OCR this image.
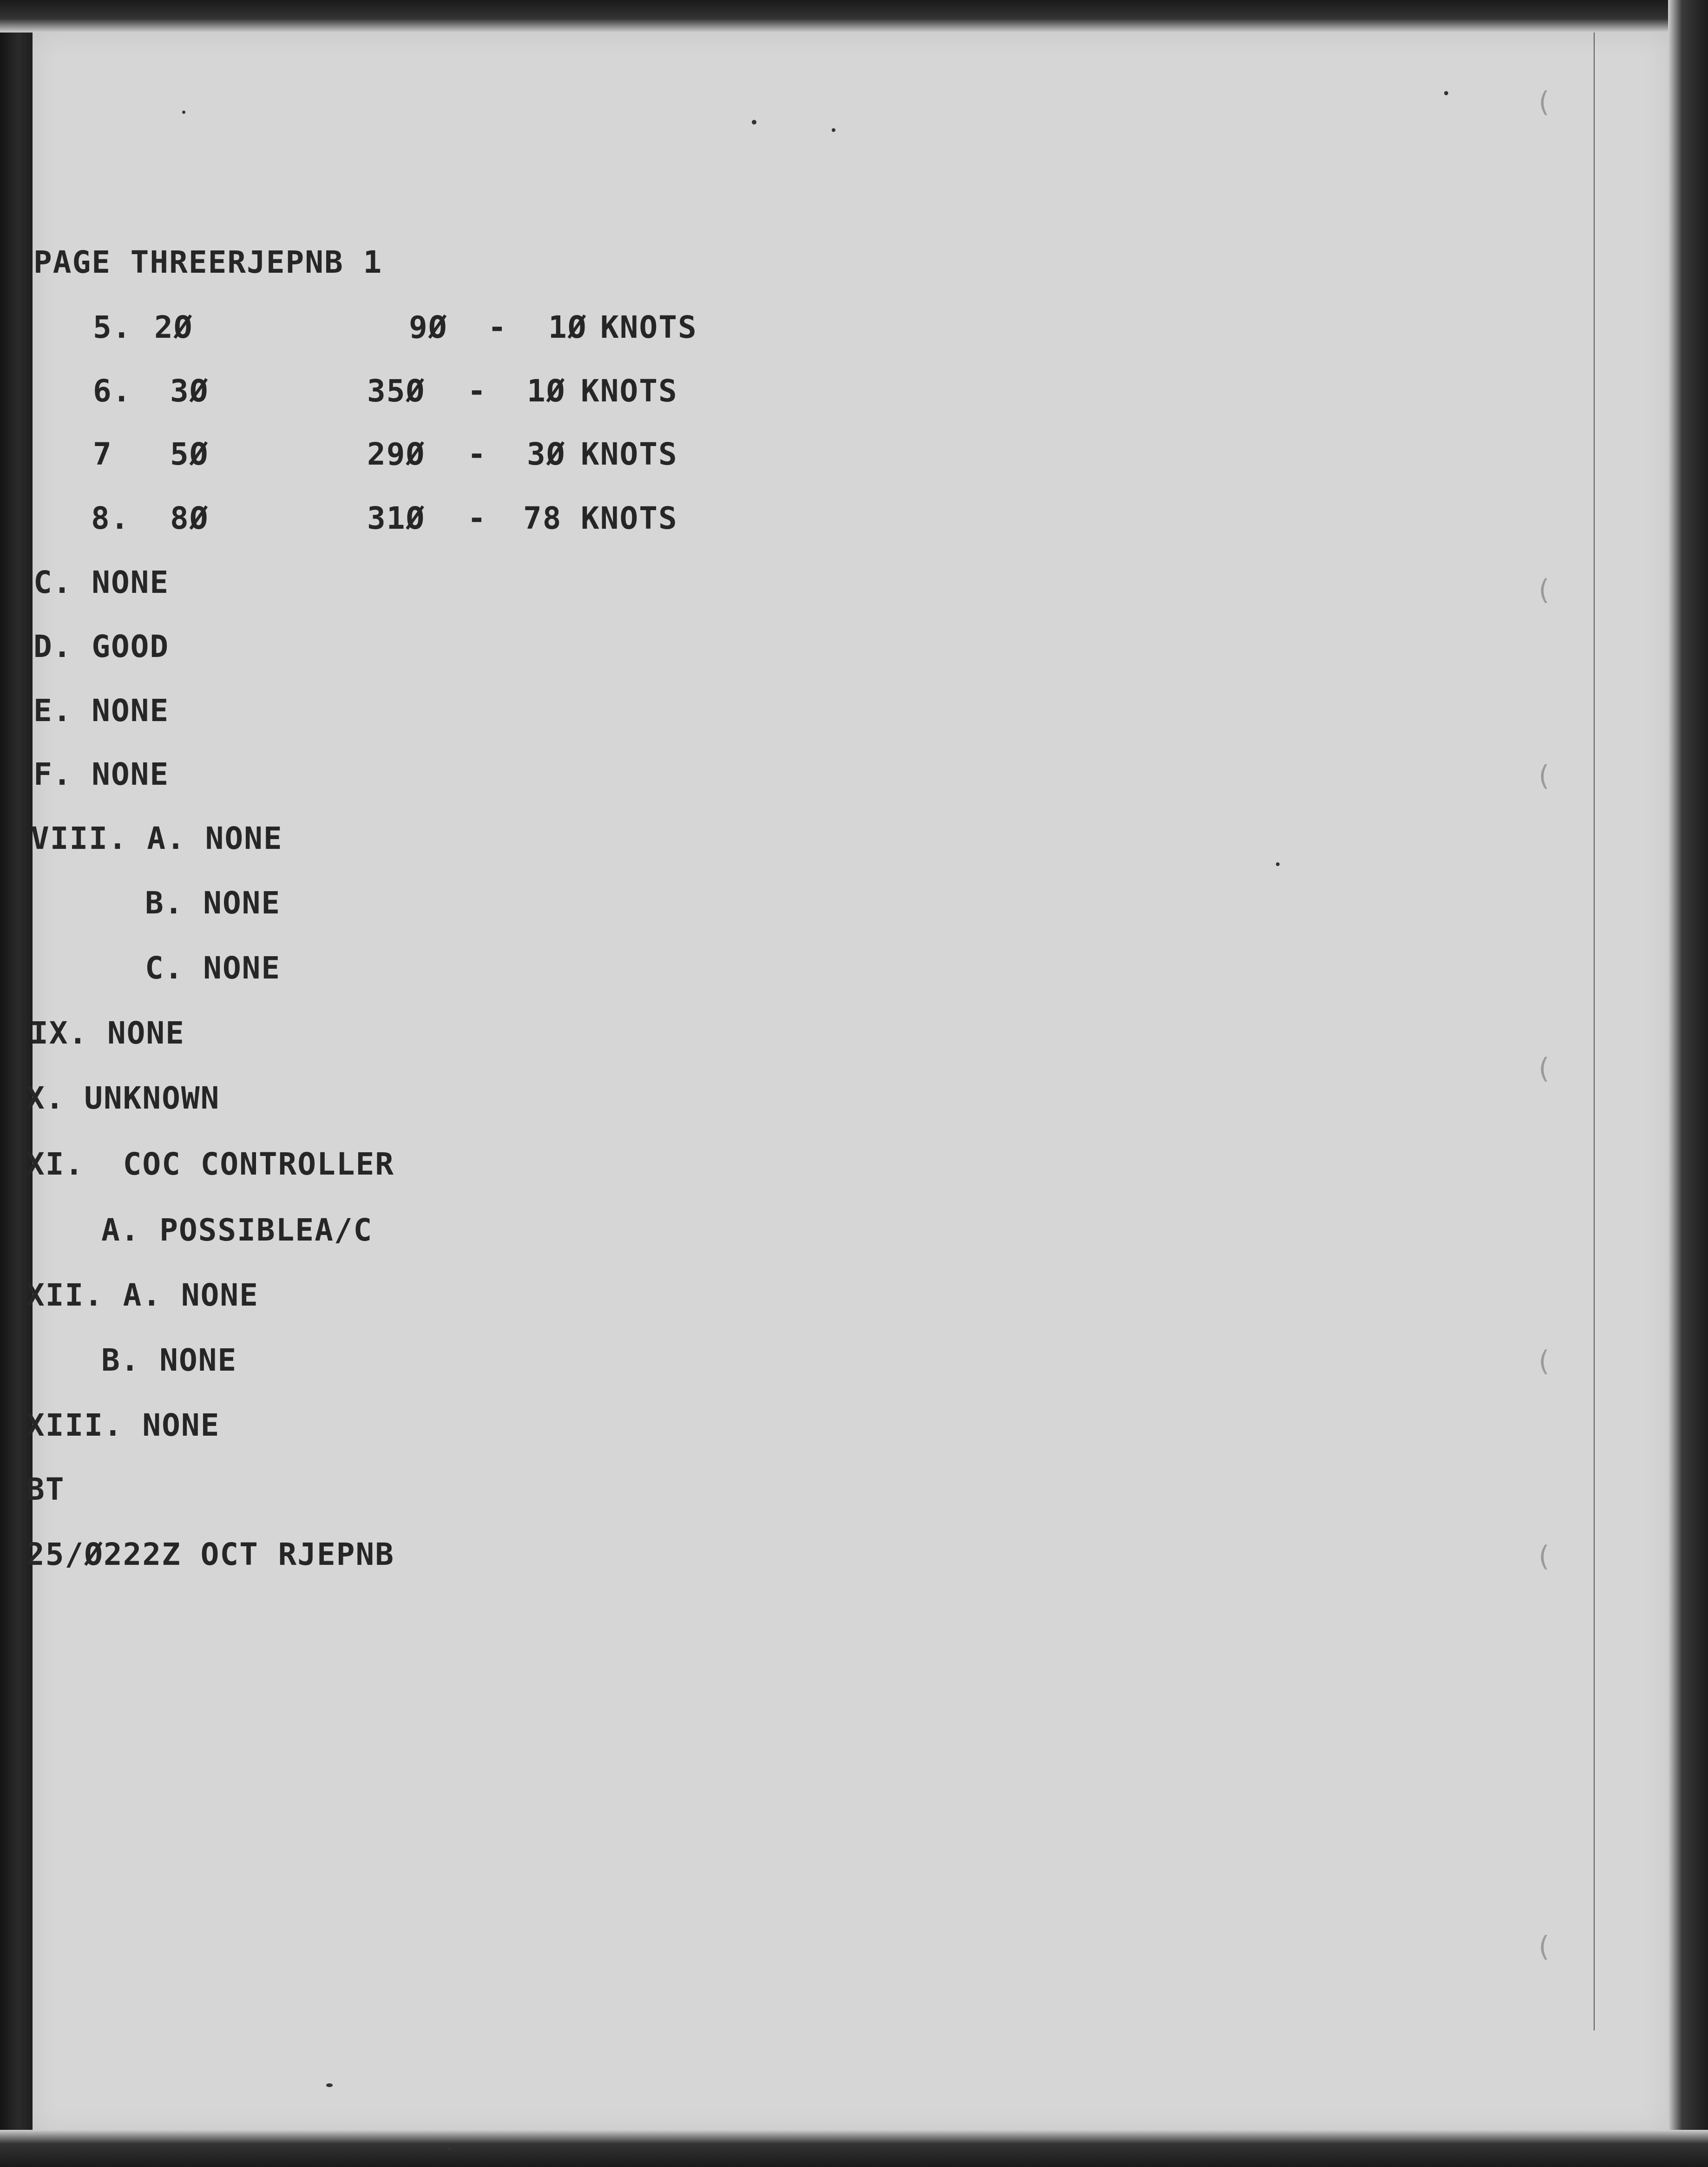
PAGE THREERJEPNB 1
5. 2Ø	9Ø - 1Ø KNOTS
6. 3Ø	35Ø - 1Ø KNOTS
7 5Ø	29Ø - 3Ø KNOTS
8. 8Ø	31Ø - 78 KNOTS
C. NONE
D. GOOD
E. NONE
F. NONE
VIII. A. NONE
B. NONE
C. NONE
IX. NONE
X. UNKNOWN
XI.  COC CONTROLLER
A. POSSIBLEA/C
XII. A. NONE
B. NONE
XIII. NONE
BT
25/Ø222Z OCT RJEPNB
(
(
(
(
(
(
(
